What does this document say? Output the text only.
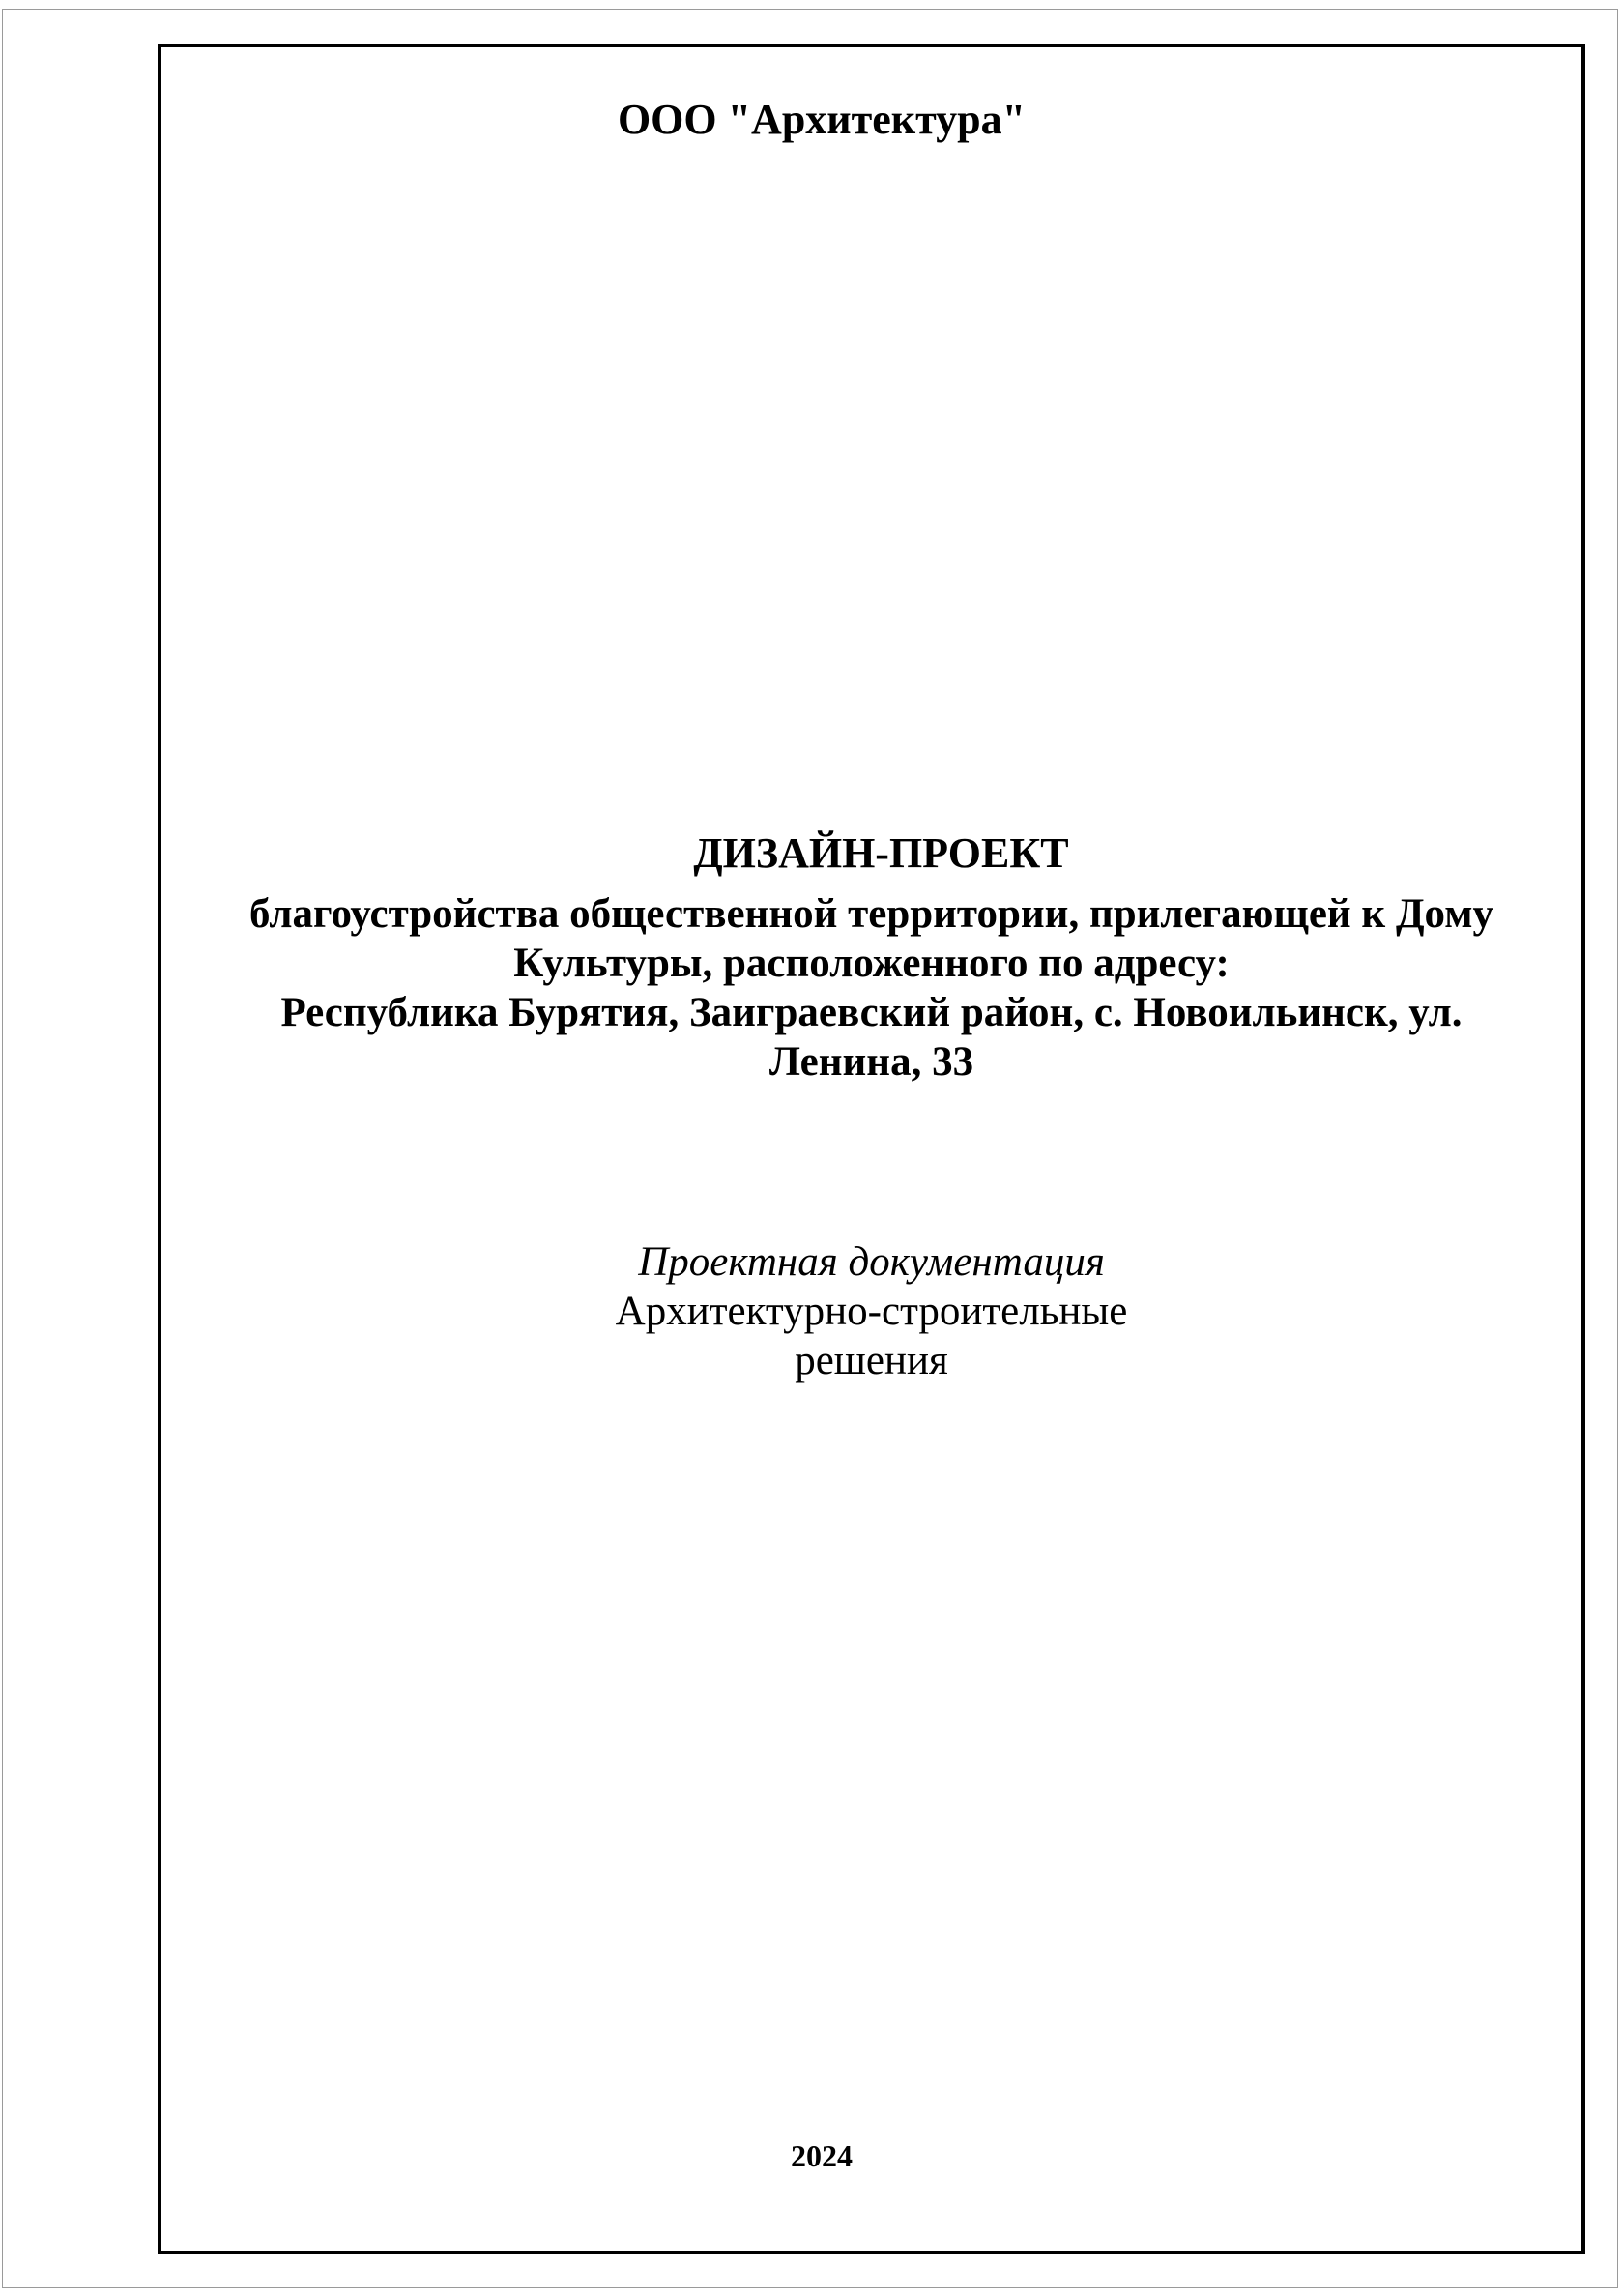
ООО "Архитектура"
ДИЗАЙН-ПРОЕКТ
благоустройства общественной территории, прилегающей к Дому
Культуры, расположенного по адресу:
Республика Бурятия, Заиграевский район, с. Новоильинск, ул.
Ленина, 33
Проектная документация
Архитектурно-строительные
решения
2024
